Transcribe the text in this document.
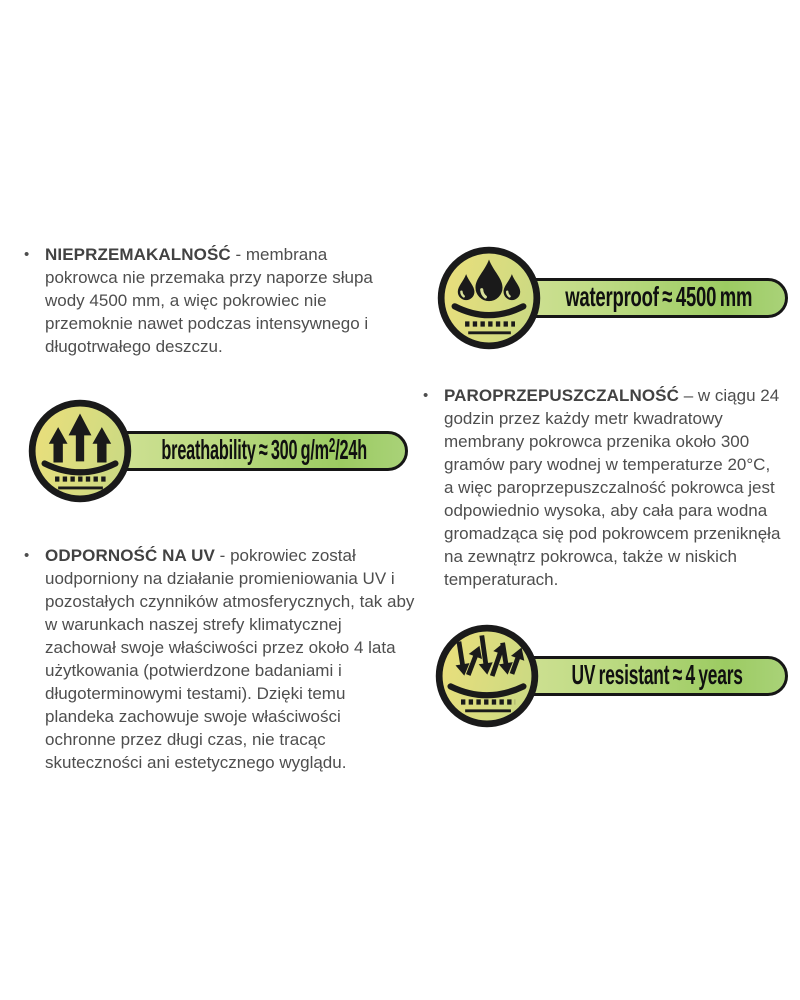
• NIEPRZEMAKALNOŚĆ - membrana pokrowca nie przemaka przy naporze słupa wody 4500 mm, a więc pokrowiec nie przemoknie nawet podczas intensywnego i długotrwałego deszczu.

waterproof ≈ 4500 mm
breathability ≈ 300 $g/m^2/24h$
• PAROPRZEPUSZCZALNOŚĆ – w ciągu 24 godzin przez każdy metr kwadratowy membrany pokrowca przenika około 300 gramów pary wodnej w temperaturze 20°C, a więc paroprzepuszczalność pokrowca jest odpowiednio wysoka, aby cała para wodna gromadząca się pod pokrowcem przeniknęła na zewnątrz pokrowca, także w niskich temperaturach.

• ODPORNOŚĆ NA UV - pokrowiec został uodporniony na działanie promieniowania UV i pozostałych czynników atmosferycznych, tak aby w warunkach naszej strefy klimatycznej zachował swoje właściwości przez około 4 lata użytkowania (potwierdzone badaniami i długoterminowymi testami). Dzięki temu plandeka zachowuje swoje właściwości ochronne przez długi czas, nie tracąc skuteczności ani estetycznego wyglądu.

UV resistant ≈ 4 years
